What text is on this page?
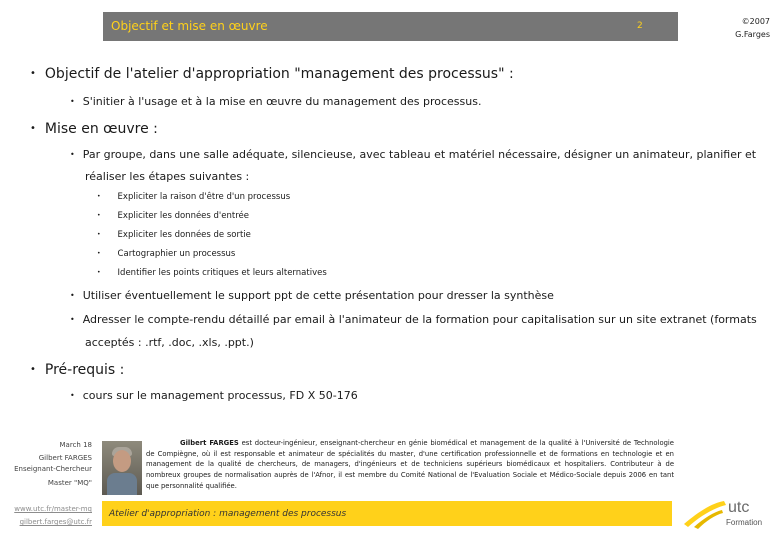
Objectif et mise en œuvre	2	©2007
G.Farges
• Objectif de l'atelier d'appropriation "management des processus" :
• S'initier à l'usage et à la mise en œuvre du management des processus.
• Mise en œuvre :
• Par groupe, dans une salle adéquate, silencieuse, avec tableau et matériel nécessaire, désigner un animateur, planifier et
réaliser les étapes suivantes :
• Expliciter la raison d'être d'un processus
• Expliciter les données d'entrée
• Expliciter les données de sortie
• Cartographier un processus
• Identifier les points critiques et leurs alternatives
• Utiliser éventuellement le support ppt de cette présentation pour dresser la synthèse
• Adresser le compte-rendu détaillé par email à l'animateur de la formation pour capitalisation sur un site extranet (formats
acceptés : .rtf, .doc, .xls, .ppt.)
• Pré-requis :
• cours sur le management processus, FD X 50-176
March 18
Gilbert FARGES
Enseignant-Chercheur
Master "MQ"
www.utc.fr/master-mq
gilbert.farges@utc.fr
Gilbert FARGES est docteur-ingénieur, enseignant-chercheur en génie biomédical et management de la qualité à l'Université de Technologie de Compiègne, où il est responsable et animateur de spécialités du master, d'une certification professionnelle et de formations en technologie et en management de la qualité de chercheurs, de managers, d'ingénieurs et de techniciens supérieurs biomédicaux et hospitaliers. Contributeur à de nombreux groupes de normalisation auprès de l'Afnor, il est membre du Comité National de l'Evaluation Sociale et Médico-Sociale depuis 2006 en tant que personnalité qualifiée.
Atelier d'appropriation : management des processus	utc
Formation
